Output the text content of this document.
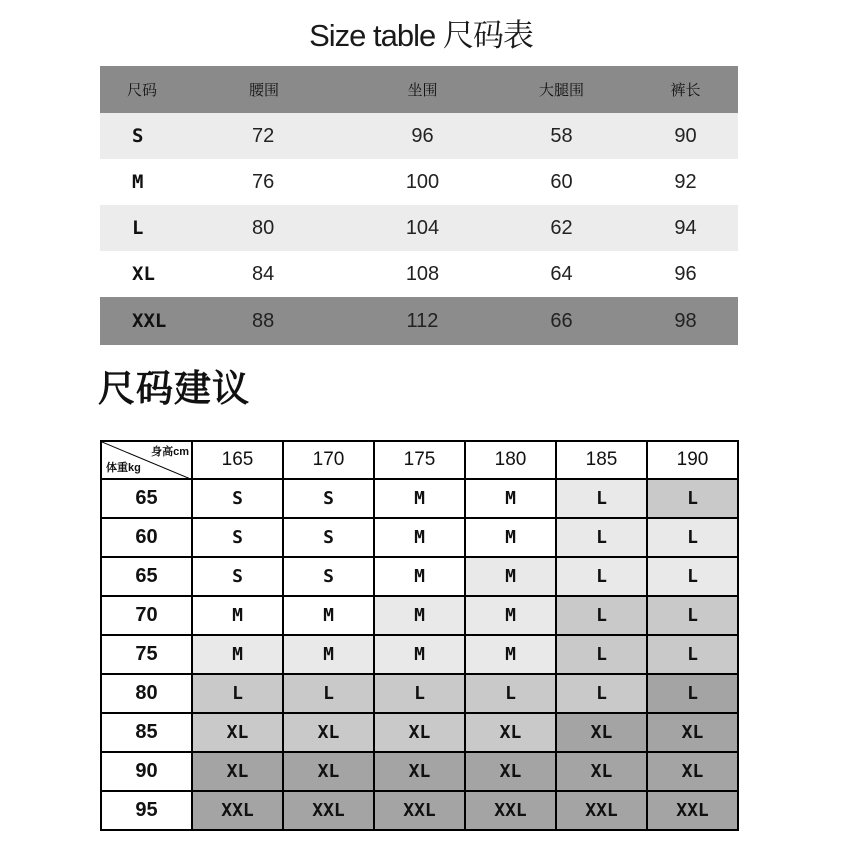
Size table 尺码表
尺码	腰围	坐围	大腿围	裤长
S	72	96	58	90
M	76	100	60	92
L	80	104	62	94
XL	84	108	64	96
XXL	88	112	66	98
尺码建议
身高cm
体重kg	165	170	175	180	185	190
65	S	S	M	M	L	L
60	S	S	M	M	L	L
65	S	S	M	M	L	L
70	M	M	M	M	L	L
75	M	M	M	M	L	L
80	L	L	L	L	L	L
85	XL	XL	XL	XL	XL	XL
90	XL	XL	XL	XL	XL	XL
95	XXL	XXL	XXL	XXL	XXL	XXL
